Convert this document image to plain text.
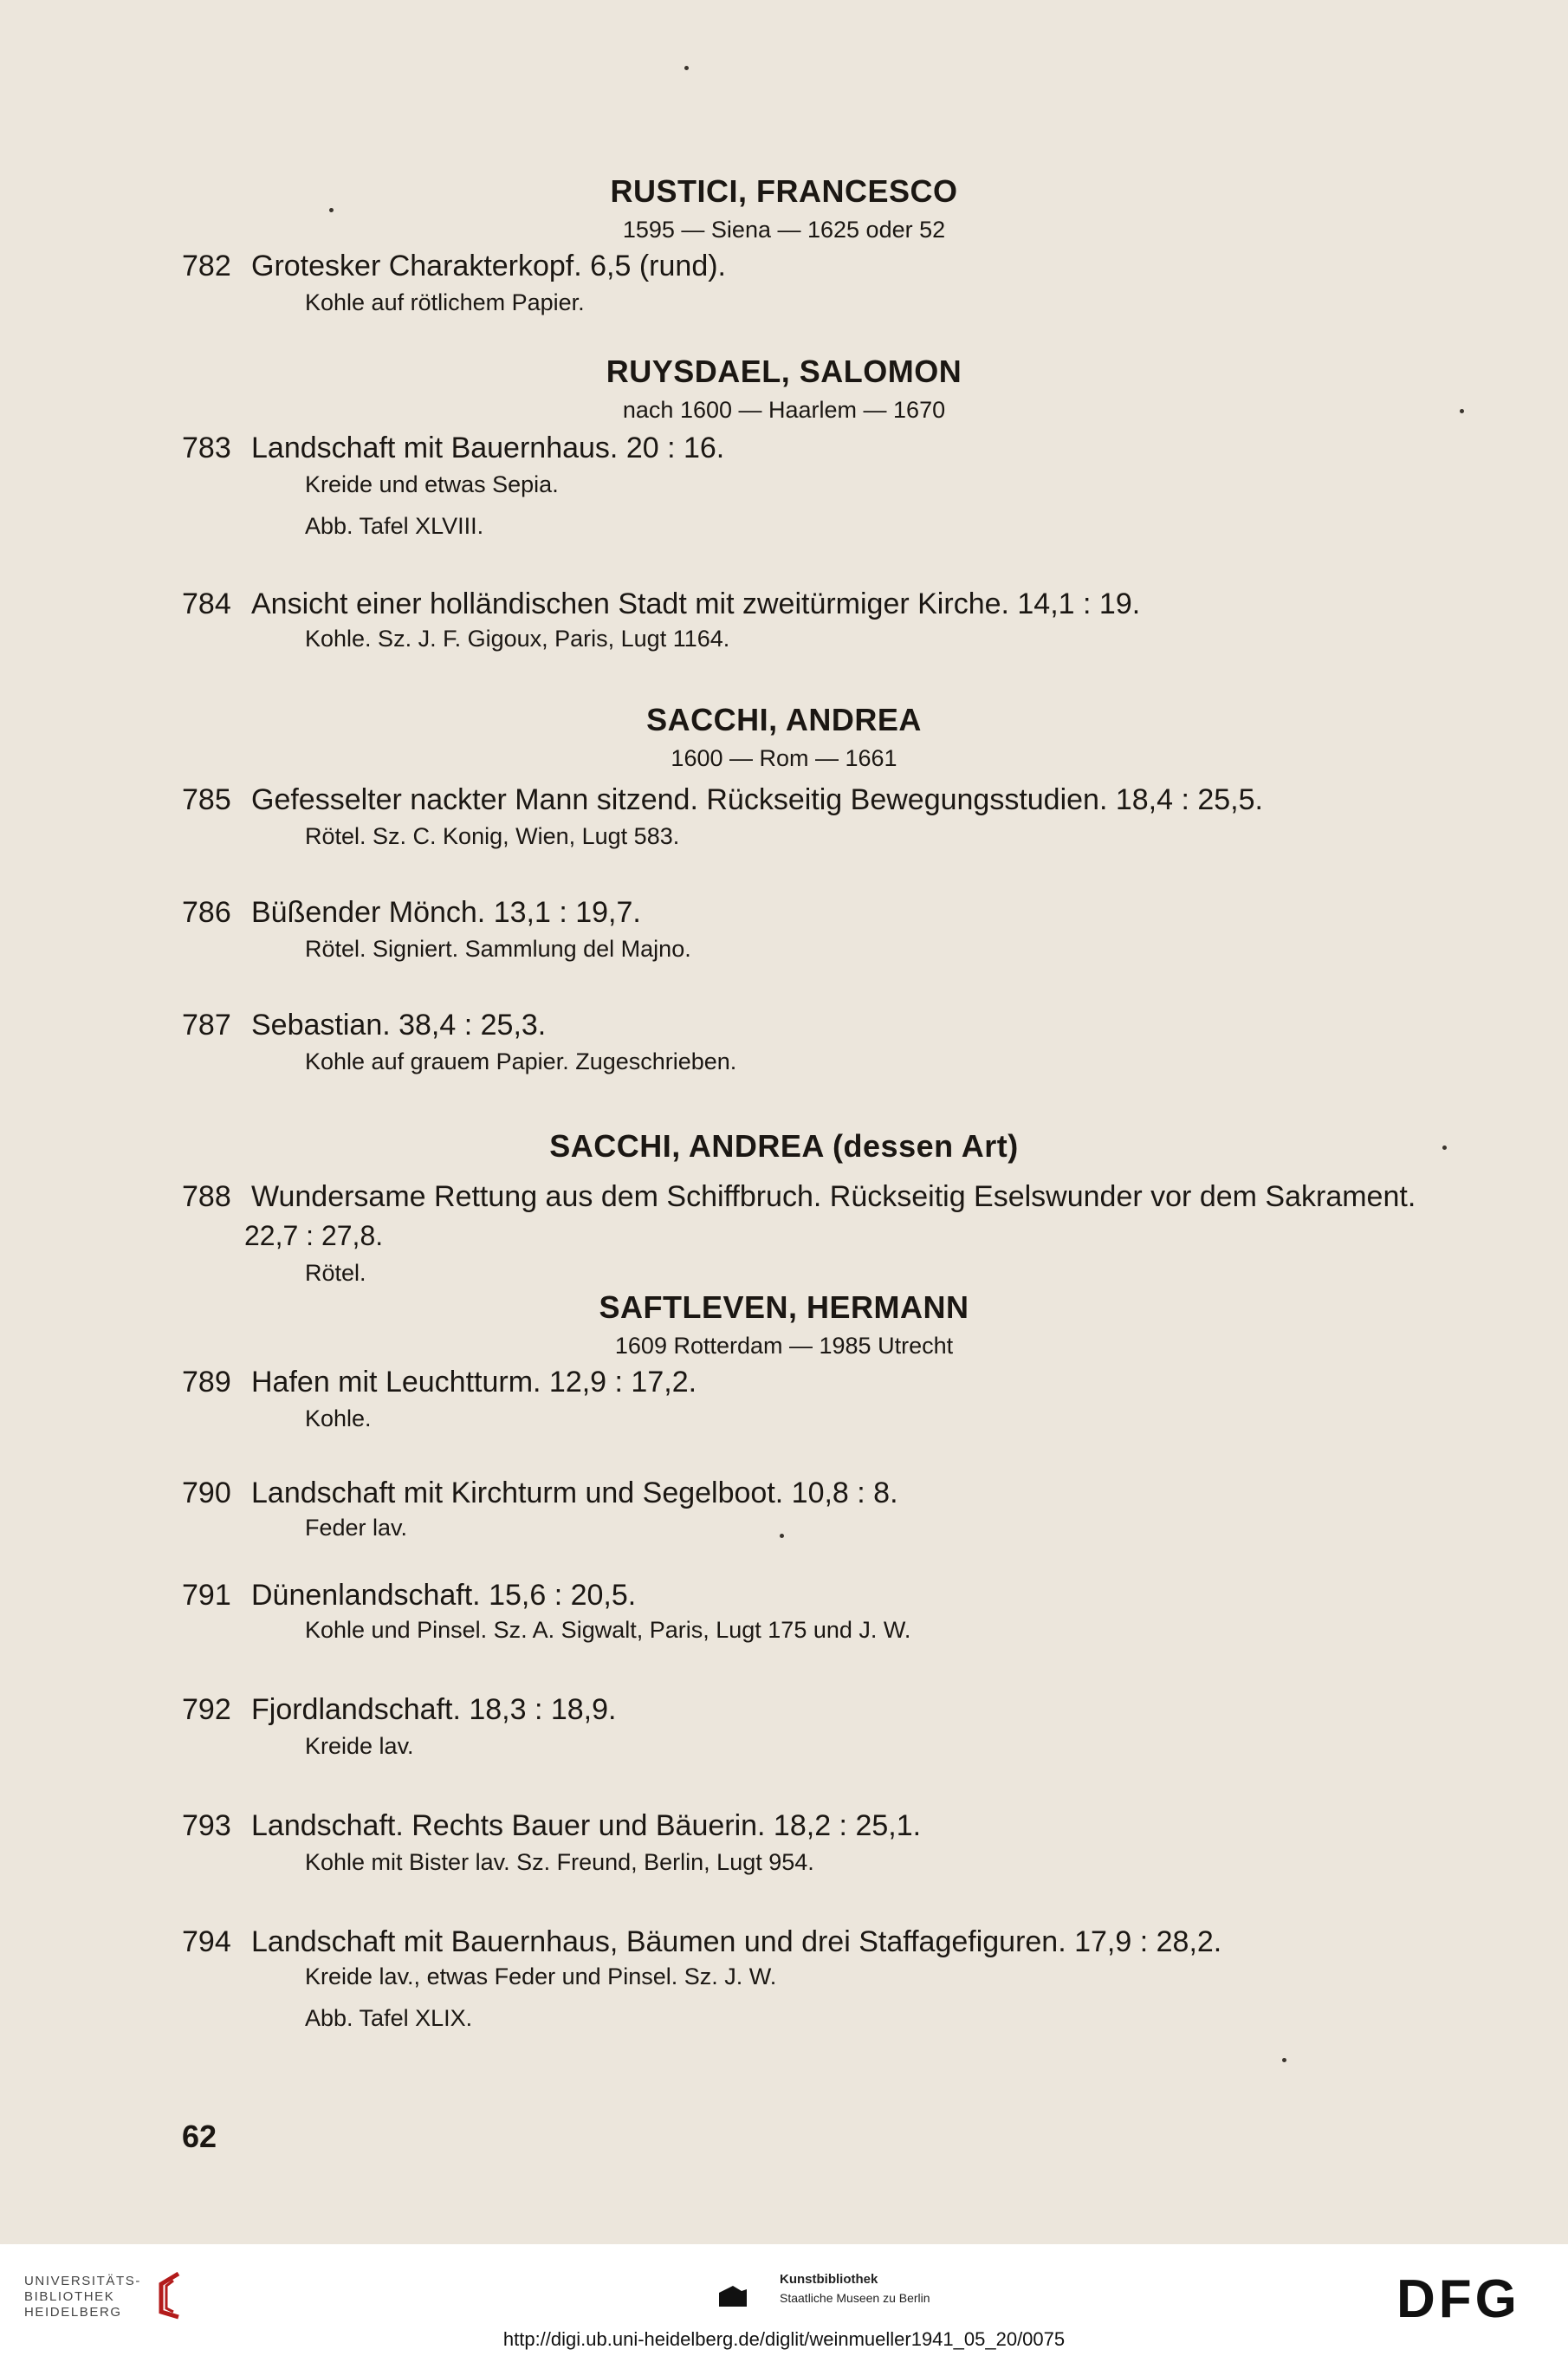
RUSTICI, FRANCESCO
1595 — Siena — 1625 oder 52
782 Grotesker Charakterkopf. 6,5 (rund).
Kohle auf rötlichem Papier.
RUYSDAEL, SALOMON
nach 1600 — Haarlem — 1670
783 Landschaft mit Bauernhaus. 20 : 16.
Kreide und etwas Sepia.
Abb. Tafel XLVIII.
784 Ansicht einer holländischen Stadt mit zweitürmiger Kirche. 14,1 : 19.
Kohle. Sz. J. F. Gigoux, Paris, Lugt 1164.
SACCHI, ANDREA
1600 — Rom — 1661
785 Gefesselter nackter Mann sitzend. Rückseitig Bewegungsstudien. 18,4 : 25,5.
Rötel. Sz. C. Konig, Wien, Lugt 583.
786 Büßender Mönch. 13,1 : 19,7.
Rötel. Signiert. Sammlung del Majno.
787 Sebastian. 38,4 : 25,3.
Kohle auf grauem Papier. Zugeschrieben.
SACCHI, ANDREA (dessen Art)
788 Wundersame Rettung aus dem Schiffbruch. Rückseitig Eselswunder vor dem Sakrament.
22,7 : 27,8.
Rötel.
SAFTLEVEN, HERMANN
1609 Rotterdam — 1985 Utrecht
789 Hafen mit Leuchtturm. 12,9 : 17,2.
Kohle.
790 Landschaft mit Kirchturm und Segelboot. 10,8 : 8.
Feder lav.
791 Dünenlandschaft. 15,6 : 20,5.
Kohle und Pinsel. Sz. A. Sigwalt, Paris, Lugt 175 und J. W.
792 Fjordlandschaft. 18,3 : 18,9.
Kreide lav.
793 Landschaft. Rechts Bauer und Bäuerin. 18,2 : 25,1.
Kohle mit Bister lav. Sz. Freund, Berlin, Lugt 954.
794 Landschaft mit Bauernhaus, Bäumen und drei Staffagefiguren. 17,9 : 28,2.
Kreide lav., etwas Feder und Pinsel. Sz. J. W.
Abb. Tafel XLIX.
62
UNIVERSITÄTS-
BIBLIOTHEK
HEIDELBERG
Kunstbibliothek
Staatliche Museen zu Berlin	DFG
http://digi.ub.uni-heidelberg.de/diglit/weinmueller1941_05_20/0075
